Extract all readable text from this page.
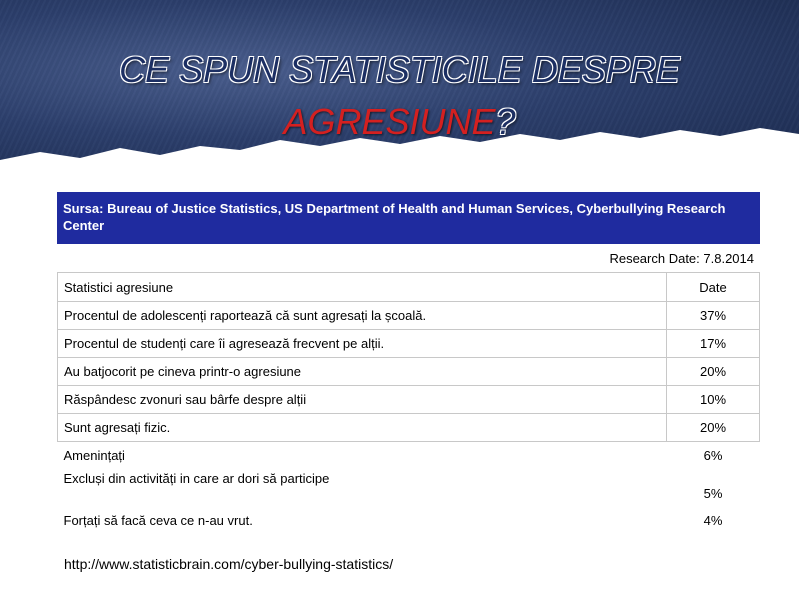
CE SPUN STATISTICILE DESPRE
AGRESIUNE?
Sursa: Bureau of Justice Statistics, US Department of Health and Human Services, Cyberbullying Research Center
Research Date: 7.8.2014
Statistici agresiune	Date
Procentul de adolescenți raportează că sunt agresați la școală.	37%
Procentul de studenți care îi agresează frecvent pe alții.	17%
Au batjocorit pe cineva printr-o agresiune	20%
Răspândesc zvonuri sau bârfe despre alții	10%
Sunt agresați fizic.	20%
Amenințați	6%
Excluși din activități in care ar dori să participe	5%
Forțați să facă ceva ce n-au vrut.	4%
http://www.statisticbrain.com/cyber-bullying-statistics/
